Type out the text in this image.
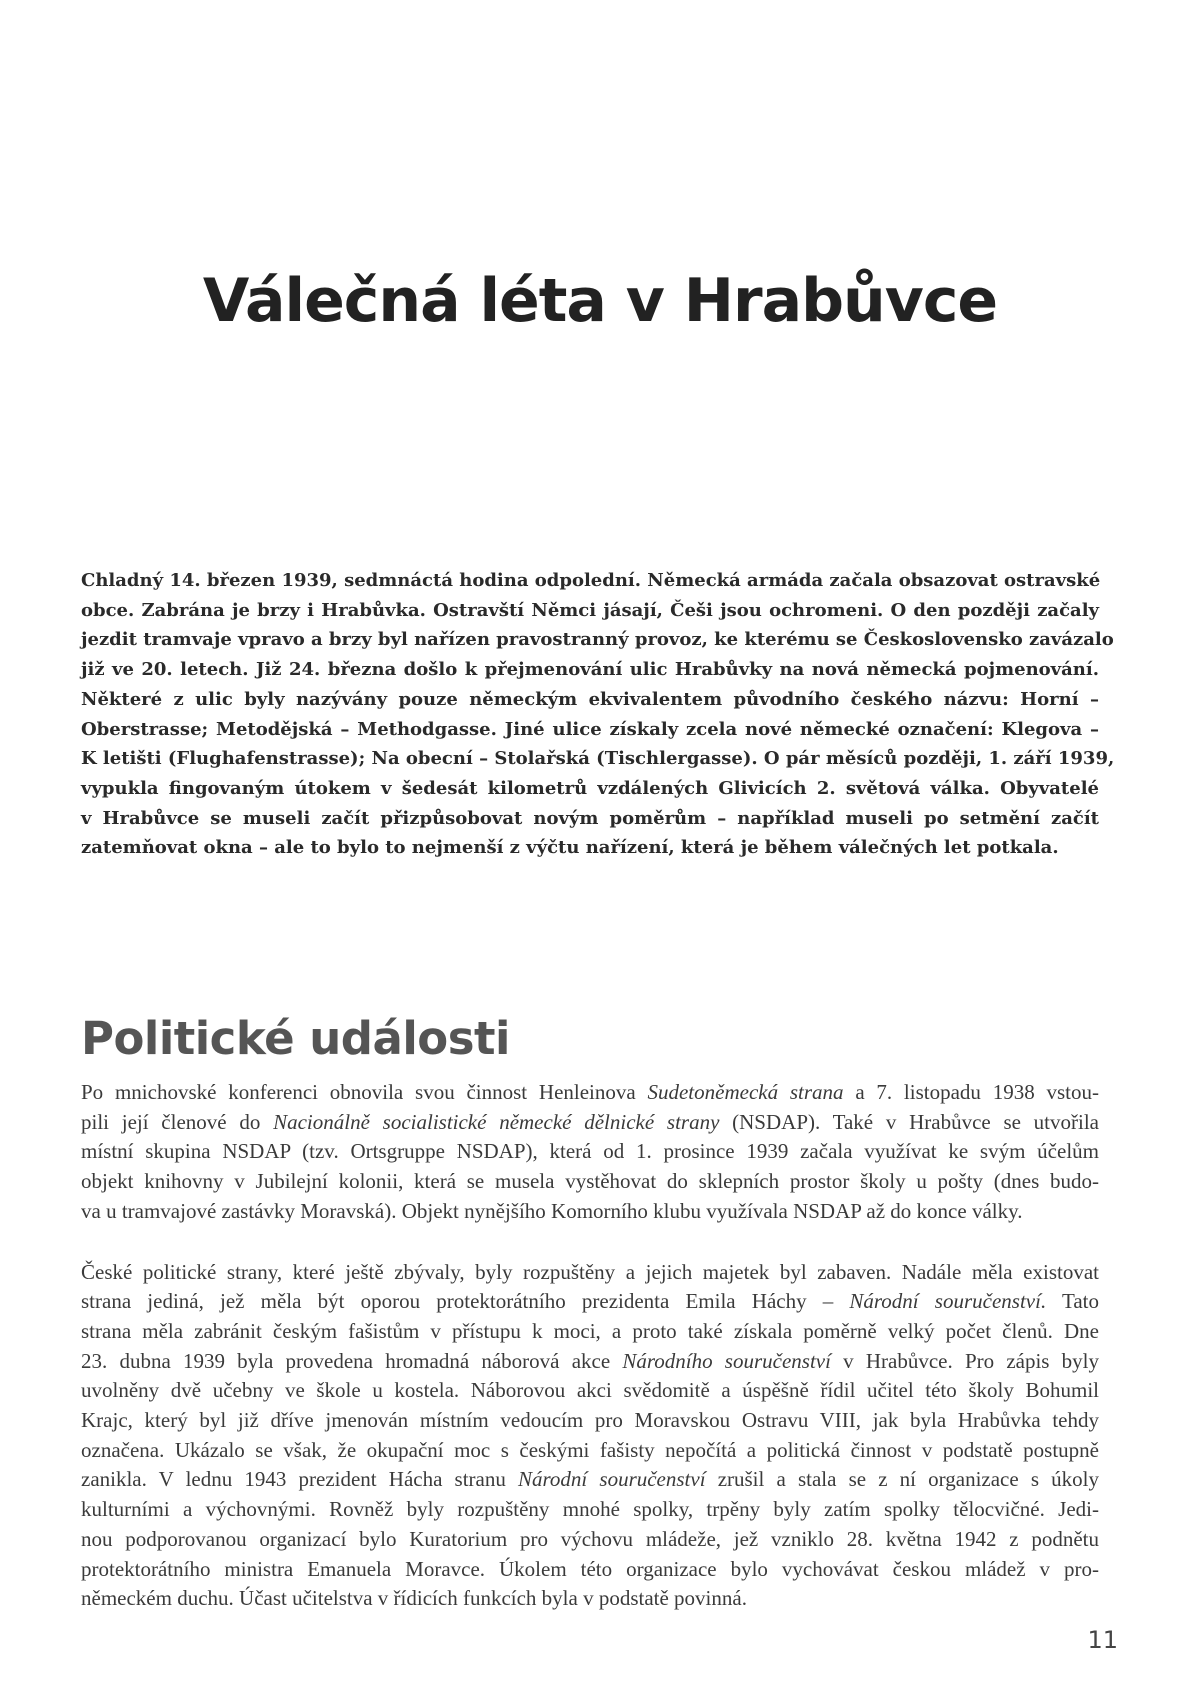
Válečná léta v Hrabůvce
Chladný 14. březen 1939, sedmnáctá hodina odpolední. Německá armáda začala obsazovat ostravské
obce. Zabrána je brzy i Hrabůvka. Ostravští Němci jásají, Češi jsou ochromeni. O den později začaly
jezdit tramvaje vpravo a brzy byl nařízen pravostranný provoz, ke kterému se Československo zavázalo
již ve 20. letech. Již 24. března došlo k přejmenování ulic Hrabůvky na nová německá pojmenování.
Některé z ulic byly nazývány pouze německým ekvivalentem původního českého názvu: Horní –
Oberstrasse; Metodějská – Methodgasse. Jiné ulice získaly zcela nové německé označení: Klegova –
K letišti (Flughafenstrasse); Na obecní – Stolařská (Tischlergasse). O pár měsíců později, 1. září 1939,
vypukla fingovaným útokem v šedesát kilometrů vzdálených Glivicích 2. světová válka. Obyvatelé
v Hrabůvce se museli začít přizpůsobovat novým poměrům – například museli po setmění začít
zatemňovat okna – ale to bylo to nejmenší z výčtu nařízení, která je během válečných let potkala.
Politické události

Po mnichovské konferenci obnovila svou činnost Henleinova Sudetoněmecká strana a 7. listopadu 1938 vstou-
pili její členové do Nacionálně socialistické německé dělnické strany (NSDAP). Také v Hrabůvce se utvořila
místní skupina NSDAP (tzv. Ortsgruppe NSDAP), která od 1. prosince 1939 začala využívat ke svým účelům
objekt knihovny v Jubilejní kolonii, která se musela vystěhovat do sklepních prostor školy u pošty (dnes budo-
va u tramvajové zastávky Moravská). Objekt nynějšího Komorního klubu využívala NSDAP až do konce války.

České politické strany, které ještě zbývaly, byly rozpuštěny a jejich majetek byl zabaven. Nadále měla existovat
strana jediná, jež měla být oporou protektorátního prezidenta Emila Háchy – Národní souručenství. Tato
strana měla zabránit českým fašistům v přístupu k moci, a proto také získala poměrně velký počet členů. Dne
23. dubna 1939 byla provedena hromadná náborová akce Národního souručenství v Hrabůvce. Pro zápis byly
uvolněny dvě učebny ve škole u kostela. Náborovou akci svědomitě a úspěšně řídil učitel této školy Bohumil
Krajc, který byl již dříve jmenován místním vedoucím pro Moravskou Ostravu VIII, jak byla Hrabůvka tehdy
označena. Ukázalo se však, že okupační moc s českými fašisty nepočítá a politická činnost v podstatě postupně
zanikla. V lednu 1943 prezident Hácha stranu Národní souručenství zrušil a stala se z ní organizace s úkoly
kulturními a výchovnými. Rovněž byly rozpuštěny mnohé spolky, trpěny byly zatím spolky tělocvičné. Jedi-
nou podporovanou organizací bylo Kuratorium pro výchovu mládeže, jež vzniklo 28. května 1942 z podnětu
protektorátního ministra Emanuela Moravce. Úkolem této organizace bylo vychovávat českou mládež v pro-
německém duchu. Účast učitelstva v řídicích funkcích byla v podstatě povinná.

11
